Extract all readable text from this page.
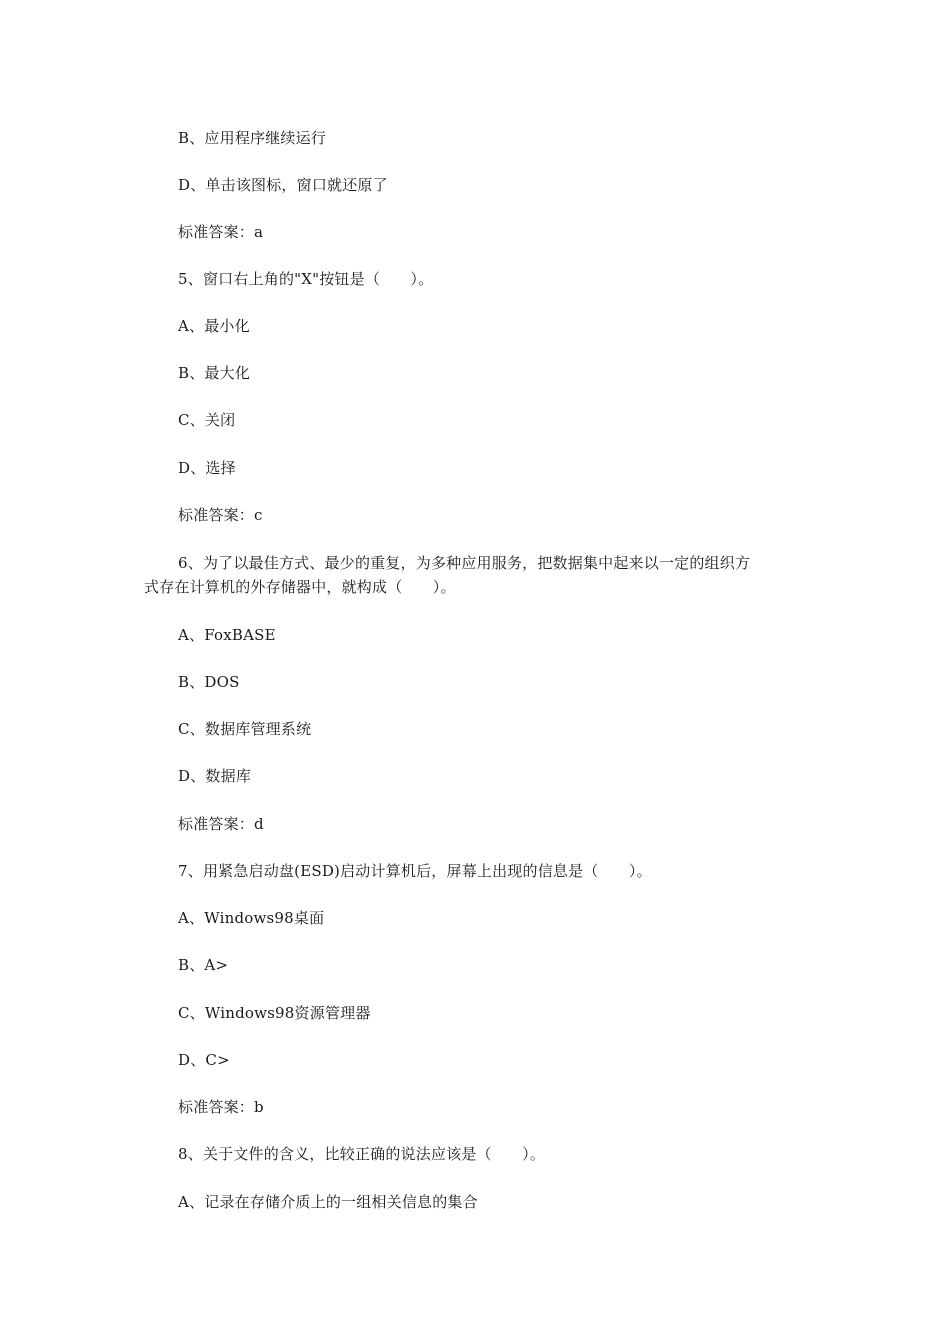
B、应用程序继续运行
D、单击该图标，窗口就还原了
标准答案：a
5、窗口右上角的"X"按钮是（　　）。
A、最小化
B、最大化
C、关闭
D、选择
标准答案：c
6、为了以最佳方式、最少的重复，为多种应用服务，把数据集中起来以一定的组织方
式存在计算机的外存储器中，就构成（　　）。
A、FoxBASE
B、DOS
C、数据库管理系统
D、数据库
标准答案：d
7、用紧急启动盘(ESD)启动计算机后，屏幕上出现的信息是（　　）。
A、Windows98桌面
B、A>
C、Windows98资源管理器
D、C>
标准答案：b
8、关于文件的含义，比较正确的说法应该是（　　）。
A、记录在存储介质上的一组相关信息的集合
